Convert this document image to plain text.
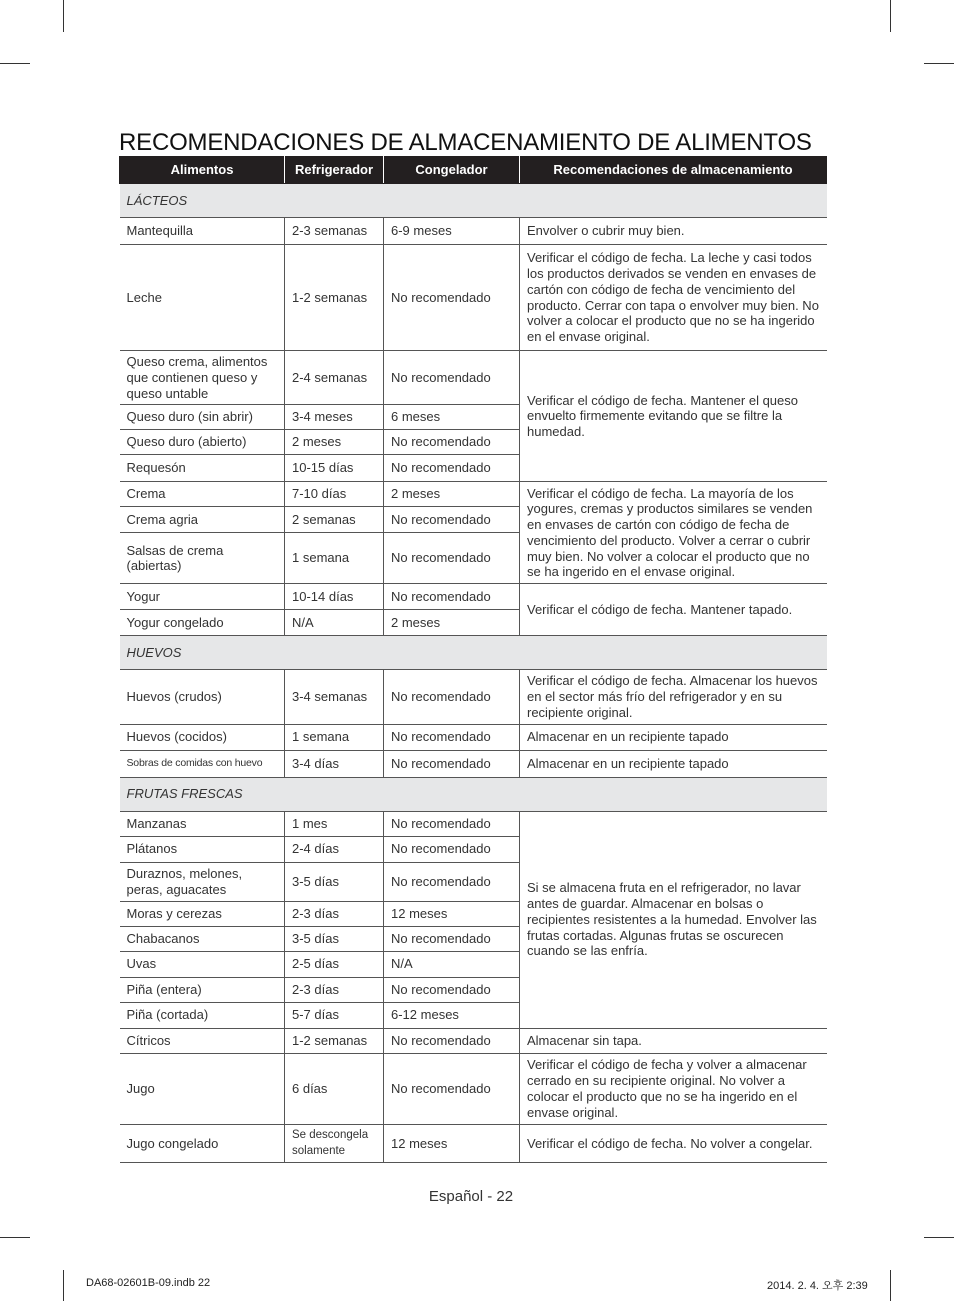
RECOMENDACIONES DE ALMACENAMIENTO DE ALIMENTOS
Alimentos	Refrigerador	Congelador	Recomendaciones de almacenamiento
LÁCTEOS			
Mantequilla	2-3 semanas	6-9 meses	Envolver o cubrir muy bien.
Leche	1-2 semanas	No recomendado	Verificar el código de fecha. La leche y casi todos los productos derivados se venden en envases de cartón con código de fecha de vencimiento del producto. Cerrar con tapa o envolver muy bien. No volver a colocar el producto que no se ha ingerido en el envase original.
Queso crema, alimentos que contienen queso y queso untable	2-4 semanas	No recomendado	Verificar el código de fecha. Mantener el queso envuelto firmemente evitando que se filtre la humedad.
Queso duro (sin abrir)	3-4 meses	6 meses	
Queso duro (abierto)	2 meses	No recomendado	
Requesón	10-15 días	No recomendado	
Crema	7-10 días	2 meses	Verificar el código de fecha. La mayoría de los yogures, cremas y productos similares se venden en envases de cartón con código de fecha de vencimiento del producto. Volver a cerrar o cubrir muy bien. No volver a colocar el producto que no se ha ingerido en el envase original.
Crema agria	2 semanas	No recomendado	
Salsas de crema (abiertas)	1 semana	No recomendado	
Yogur	10-14 días	No recomendado	Verificar el código de fecha. Mantener tapado.
Yogur congelado	N/A	2 meses	
HUEVOS			
Huevos (crudos)	3-4 semanas	No recomendado	Verificar el código de fecha. Almacenar los huevos en el sector más frío del refrigerador y en su recipiente original.
Huevos (cocidos)	1 semana	No recomendado	Almacenar en un recipiente tapado
Sobras de comidas con huevo	3-4 días	No recomendado	Almacenar en un recipiente tapado
FRUTAS FRESCAS			
Manzanas	1 mes	No recomendado	Si se almacena fruta en el refrigerador, no lavar antes de guardar. Almacenar en bolsas o recipientes resistentes a la humedad. Envolver las frutas cortadas. Algunas frutas se oscurecen cuando se las enfría.
Plátanos	2-4 días	No recomendado	
Duraznos, melones, peras, aguacates	3-5 días	No recomendado	
Moras y cerezas	2-3 días	12 meses	
Chabacanos	3-5 días	No recomendado	
Uvas	2-5 días	N/A	
Piña (entera)	2-3 días	No recomendado	
Piña (cortada)	5-7 días	6-12 meses	
Cítricos	1-2 semanas	No recomendado	Almacenar sin tapa.
Jugo	6 días	No recomendado	Verificar el código de fecha y volver a almacenar cerrado en su recipiente original. No volver a colocar el producto que no se ha ingerido en el envase original.
Jugo congelado	Se descongela solamente	12 meses	Verificar el código de fecha. No volver a congelar.
Español - 22
DA68-02601B-09.indb 22	2014. 2. 4. 오후 2:39
